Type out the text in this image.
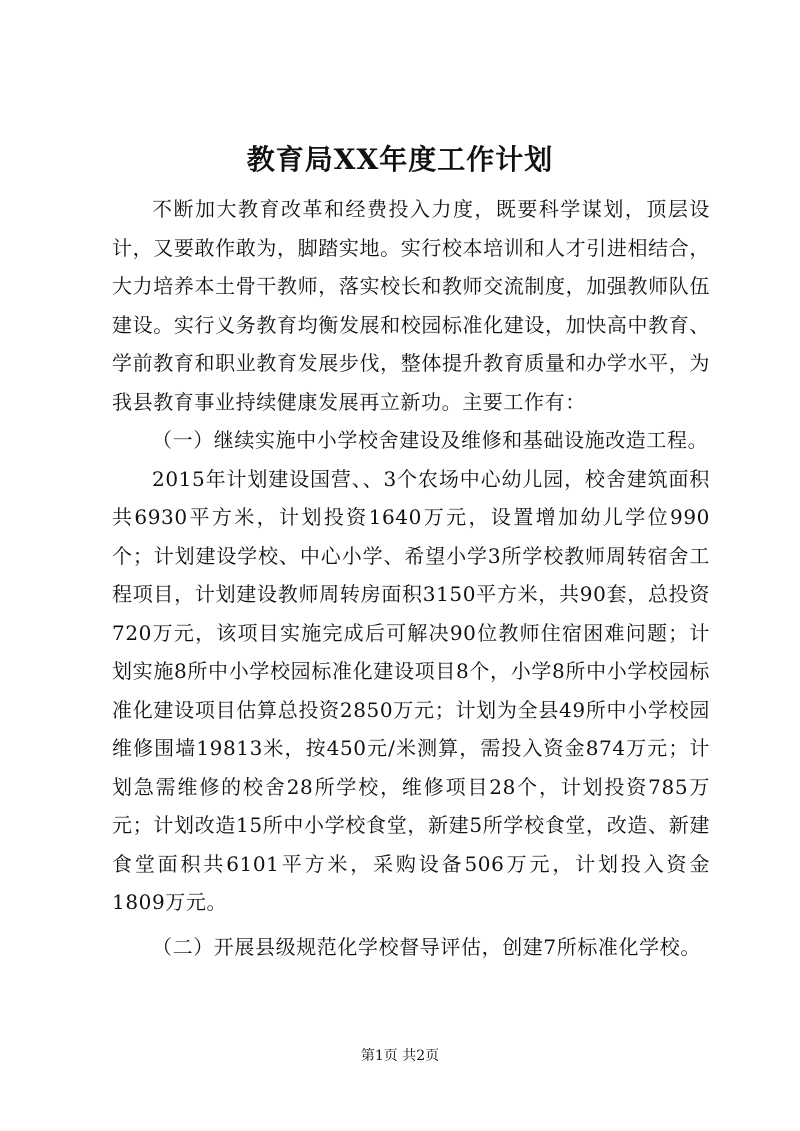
教育局XX年度工作计划

不断加大教育改革和经费投入力度，既要科学谋划，顶层设计，又要敢作敢为，脚踏实地。实行校本培训和人才引进相结合，大力培养本土骨干教师，落实校长和教师交流制度，加强教师队伍建设。实行义务教育均衡发展和校园标准化建设，加快高中教育、学前教育和职业教育发展步伐，整体提升教育质量和办学水平，为我县教育事业持续健康发展再立新功。主要工作有：

（一）继续实施中小学校舍建设及维修和基础设施改造工程。

2015年计划建设国营、、3个农场中心幼儿园，校舍建筑面积共6930平方米，计划投资1640万元，设置增加幼儿学位990个；计划建设学校、中心小学、希望小学3所学校教师周转宿舍工程项目，计划建设教师周转房面积3150平方米，共90套，总投资720万元，该项目实施完成后可解决90位教师住宿困难问题；计划实施8所中小学校园标准化建设项目8个，小学8所中小学校园标准化建设项目估算总投资2850万元；计划为全县49所中小学校园维修围墙19813米，按450元/米测算，需投入资金874万元；计划急需维修的校舍28所学校，维修项目28个，计划投资785万元；计划改造15所中小学校食堂，新建5所学校食堂，改造、新建食堂面积共6101平方米，采购设备506万元，计划投入资金1809万元。

（二）开展县级规范化学校督导评估，创建7所标准化学校。

第1页 共2页
